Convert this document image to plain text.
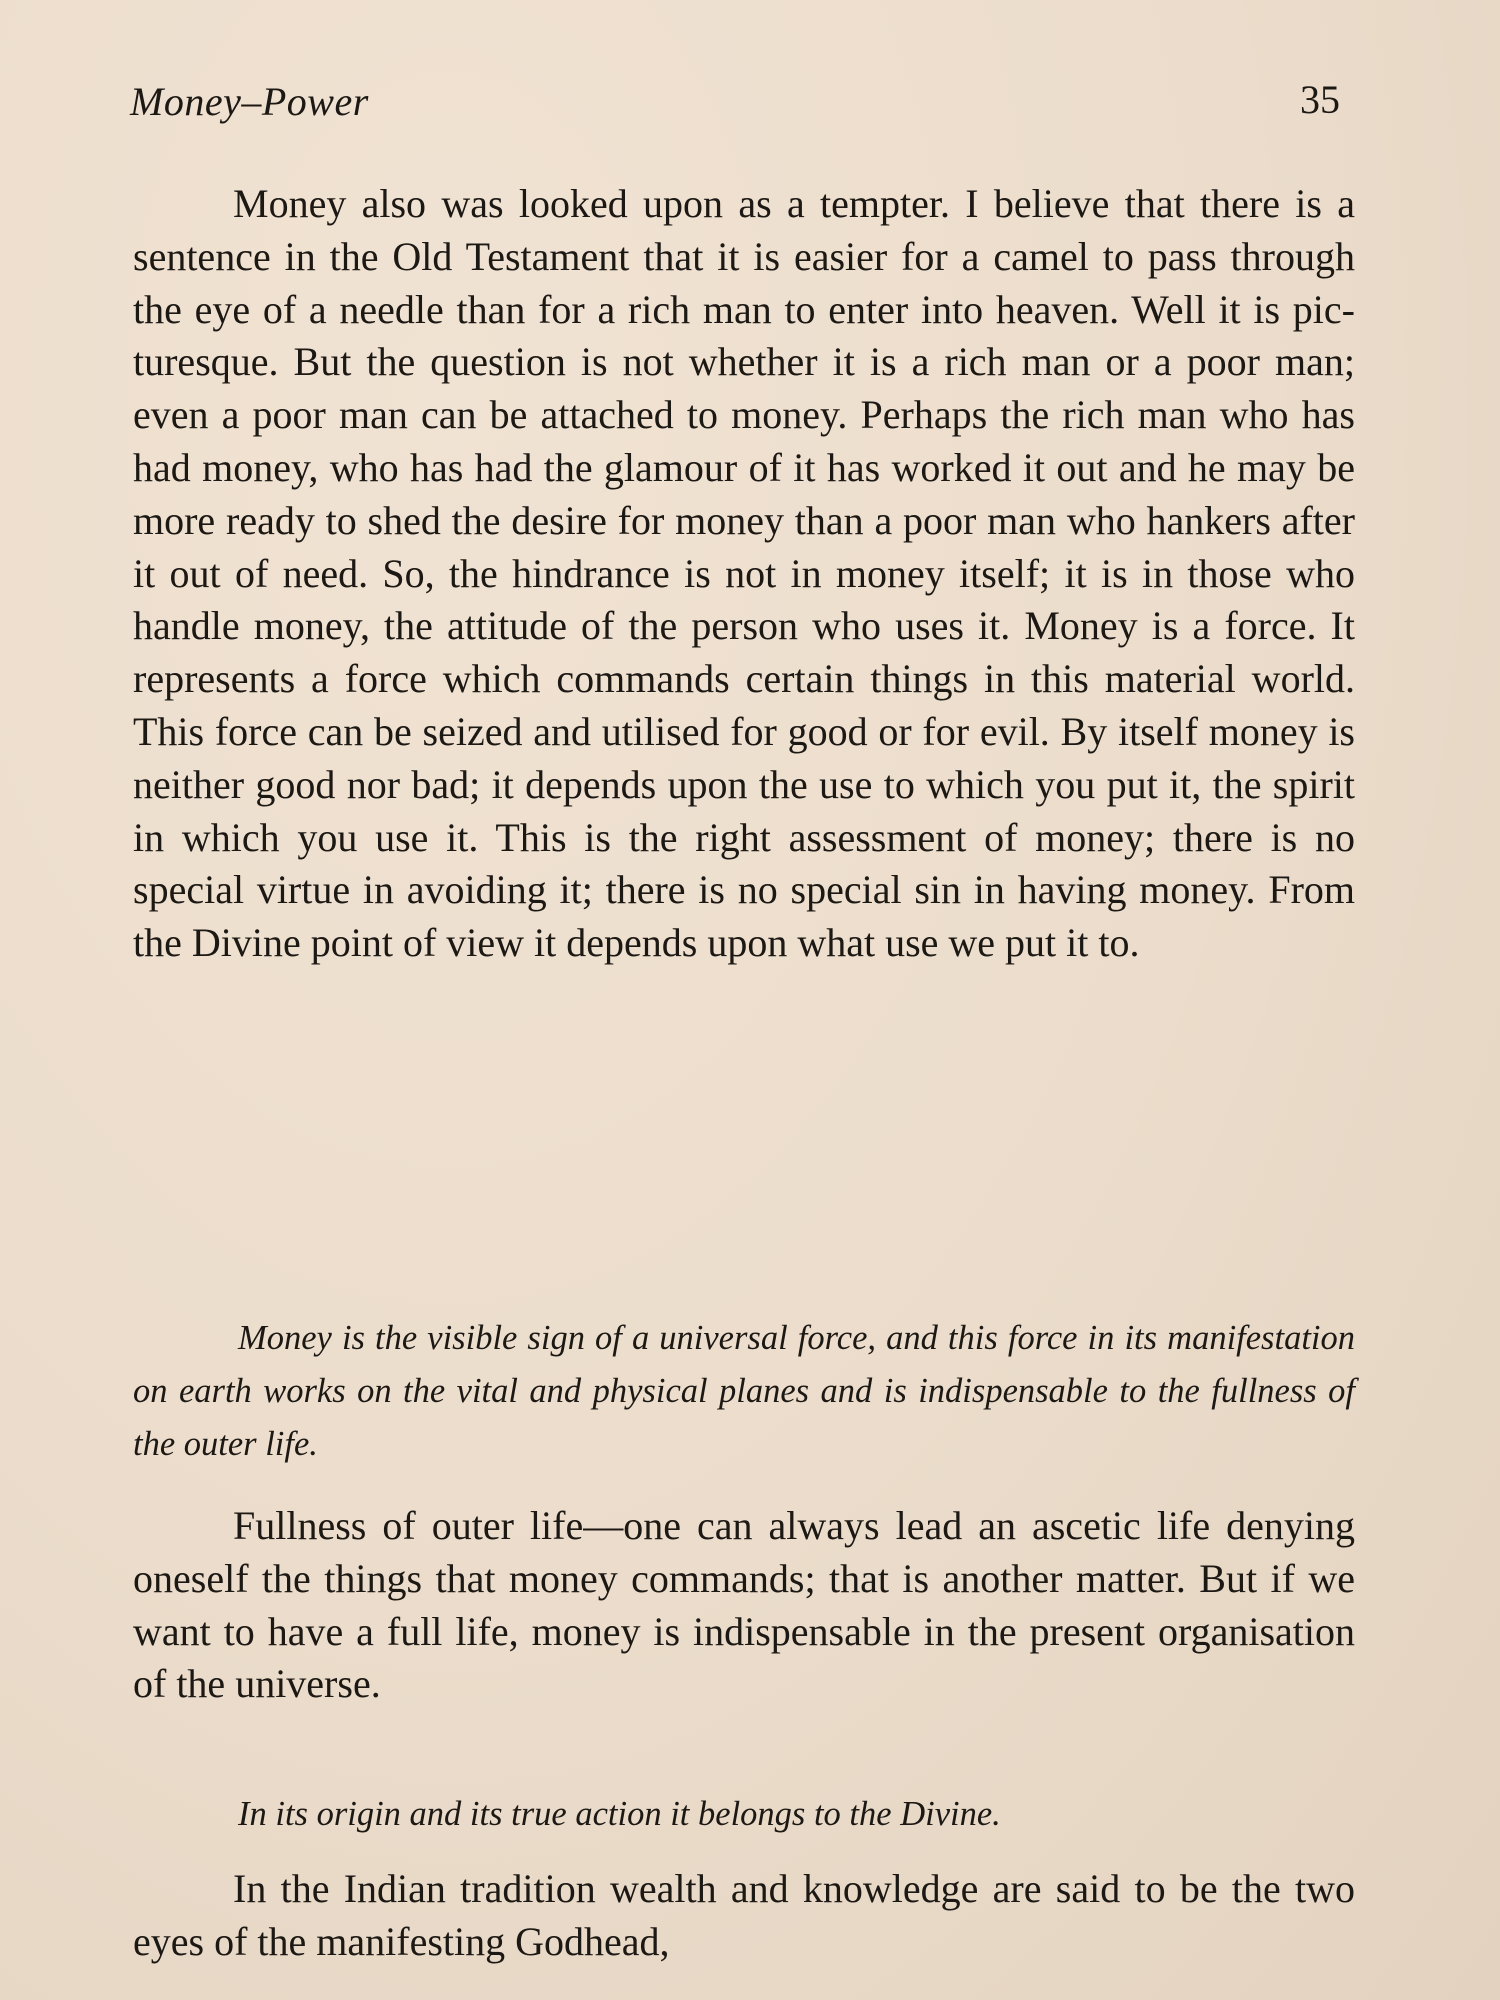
Money–Power	35

Money also was looked upon as a tempter. I believe that there is a sentence in the Old Testament that it is easier for a camel to pass through the eye of a needle than for a rich man to enter into heaven. Well it is picturesque. But the question is not whether it is a rich man or a poor man; even a poor man can be attached to money. Perhaps the rich man who has had money, who has had the glamour of it has worked it out and he may be more ready to shed the desire for money than a poor man who hankers after it out of need. So, the hindrance is not in money itself; it is in those who handle money, the attitude of the person who uses it. Money is a force. It represents a force which commands certain things in this material world. This force can be seized and utilised for good or for evil. By itself money is neither good nor bad; it depends upon the use to which you put it, the spirit in which you use it. This is the right assessment of money; there is no special virtue in avoiding it; there is no special sin in having money. From the Divine point of view it depends upon what use we put it to.

Money is the visible sign of a universal force, and this force in its manifestation on earth works on the vital and physical planes and is indispensable to the fullness of the outer life.

Fullness of outer life—one can always lead an ascetic life denying oneself the things that money commands; that is another matter. But if we want to have a full life, money is indispensable in the present organisation of the universe.

In its origin and its true action it belongs to the Divine.

In the Indian tradition wealth and knowledge are said to be the two eyes of the manifesting Godhead,
